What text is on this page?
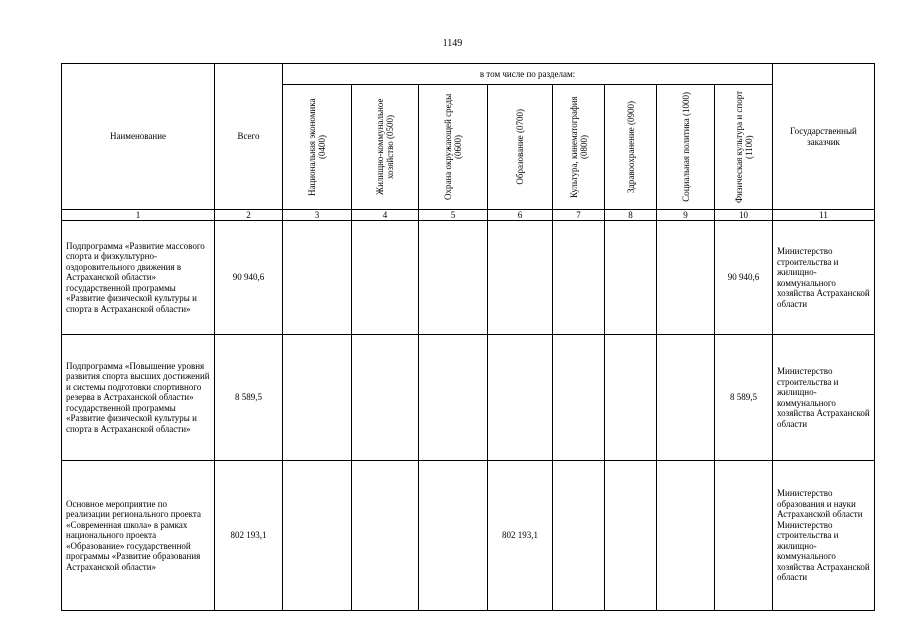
1149
Наименование	Всего	в том числе по разделам:								Государственный заказчик

		Национальная экономика (0400)	Жилищно-коммунальное хозяйство (0500)	Охрана окружающей среды (0600)	Образование (0700)	Культура, кинематография (0800)	Здравоохранение (0900)	Социальная политика (1000)	Физическая культура и спорт (1100)	

1	2	3	4	5	6	7	8	9	10	11
Подпрограмма «Развитие массового спорта и физкультурно-оздоровительного движения в Астраханской области» государственной программы «Развитие физической культуры и спорта в Астраханской области»	90 940,6								90 940,6	Министерство строительства и жилищно-коммунального хозяйства Астраханской области
Подпрограмма «Повышение уровня развития спорта высших достижений и системы подготовки спортивного резерва в Астраханской области» государственной программы «Развитие физической культуры и спорта в Астраханской области»	8 589,5								8 589,5	Министерство строительства и жилищно-коммунального хозяйства Астраханской области
Основное мероприятие по реализации регионального проекта «Современная школа» в рамках национального проекта «Образование» государственной программы «Развитие образования Астраханской области»	802 193,1				802 193,1					Министерство образования и науки Астраханской области Министерство строительства и жилищно-коммунального хозяйства Астраханской области
